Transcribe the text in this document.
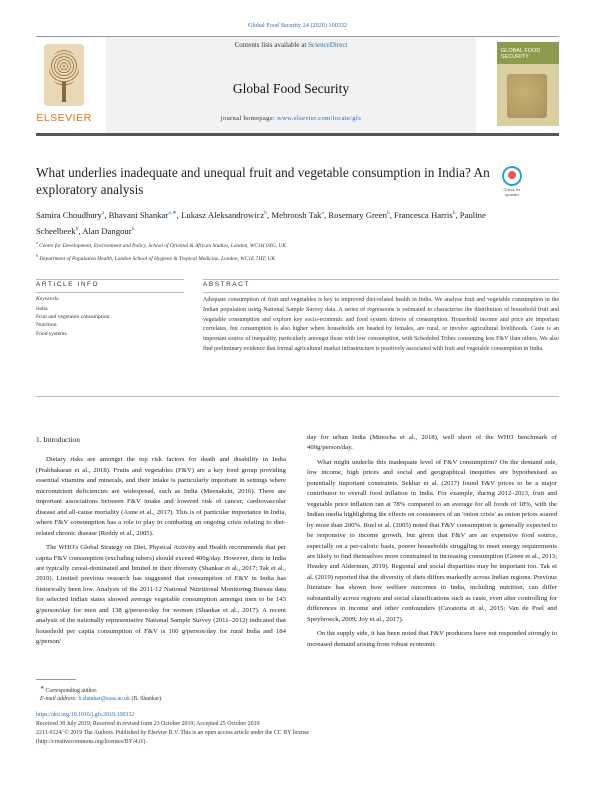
Global Food Security 24 (2020) 100332
ELSEVIER
Contents lists available at ScienceDirect
Global Food Security
journal homepage: www.elsevier.com/locate/gfs
GLOBAL FOOD SECURITY
What underlies inadequate and unequal fruit and vegetable consumption in India? An exploratory analysis	Check for updates
Samira Choudhury$^a$, Bhavani Shankar$^{a,∗}$, Lukasz Aleksandrowicz$^b$, Mehroosh Tak$^a$, Rosemary Green$^b$, Francesca Harris$^b$, Pauline Scheelbeek$^b$, Alan Dangour$^b$
$^a$ Centre for Development, Environment and Policy, School of Oriental & African Studies, London, WC1H 0XG, UK
$^b$ Department of Population Health, London School of Hygiene & Tropical Medicine, London, WC1E 7HT, UK
ARTICLE INFO	ABSTRACT
Keywords:
India
Fruit and vegetable consumption
Nutrition
Food systems
Adequate consumption of fruit and vegetables is key to improved diet-related health in India. We analyse fruit and vegetable consumption in the Indian population using National Sample Survey data. A series of regressions is estimated to characterise the distribution of household fruit and vegetable consumption and explore key socio-economic and food system drivers of consumption. Household income and price are important correlates, but consumption is also higher where households are headed by females, are rural, or involve agricultural livelihoods. Caste is an important source of inequality, particularly amongst those with low consumption, with Scheduled Tribes consuming less F&V than others. We also find preliminary evidence that formal agricultural market infrastructure is positively associated with fruit and vegetable consumption in India.
1. Introduction

Dietary risks are amongst the top risk factors for death and disability in India (Prabhakaran et al., 2018). Fruits and vegetables (F&V) are a key food group providing essential vitamins and minerals, and their intake is particularly important in settings where micronutrient deficiencies are widespread, such as India (Meenakshi, 2016). There are important associations between F&V intake and lowered risk of cancer, cardiovascular disease and all-cause mortality (Aune et al., 2017). This is of particular importance in India, where F&V consumption has a role to play in combating an ongoing crisis relating to diet-related chronic disease (Reddy et al., 2005).

The WHO's Global Strategy on Diet, Physical Activity and Health recommends that per capita F&V consumption (excluding tubers) should exceed 400g/day. However, diets in India are typically cereal-dominated and limited in their diversity (Shankar et al., 2017; Tak et al., 2019). Limited previous research has suggested that consumption of F&V in India has historically been low. Analysis of the 2011-12 National Nutritional Monitoring Bureau data for selected Indian states showed average vegetable consumption amongst men to be 143 g/person/day for men and 138 g/person/day for women (Shankar et al., 2017). A recent analysis of the nationally representative National Sample Survey (2011–2012) indicated that household per capita consumption of F&V is 160 g/person/day for rural India and 184 g/person/

day for urban India (Minocha et al., 2018), well short of the WHO benchmark of 400g/person/day.

What might underlie this inadequate level of F&V consumption? On the demand side, low income, high prices and social and geographical inequities are hypothesised as potentially important constraints. Sekhar et al. (2017) found F&V prices to be a major contributor to overall food inflation in India. For example, during 2012–2013, fruit and vegetable price inflation ran at 78% compared to an average for all foods of 18%, with the Indian media highlighting the effects on consumers of an 'onion crisis' as onion prices soared by more than 200%. Ruel et al. (2005) noted that F&V consumption is generally expected to be responsive to income growth, but given that F&V are an expensive food source, especially on a per-caloric basis, poorer households struggling to meet energy requirements are likely to find themselves more constrained in increasing consumption (Green et al., 2013; Headey and Alderman, 2019). Regional and social disparities may be important too. Tak et al. (2019) reported that the diversity of diets differs markedly across Indian regions. Previous literature has shown how welfare outcomes in India, including nutrition, can differ substantially across regions and social classifications such as caste, even after controlling for differences in income and other confounders (Cavatorta et al., 2015; Van de Poel and Speybroeck, 2009; Joy et al., 2017).

On the supply side, it has been noted that F&V producers have not responded strongly to increased demand arising from robust economic

∗ Corresponding author.
E-mail address: b.shankar@soas.ac.uk (B. Shankar).
https://doi.org/10.1016/j.gfs.2019.100332
Received 30 July 2019; Received in revised form 23 October 2019; Accepted 25 October 2019
2211-9124/ © 2019 The Authors. Published by Elsevier B.V. This is an open access article under the CC BY license
(http://creativecommons.org/licenses/BY/4.0/).
